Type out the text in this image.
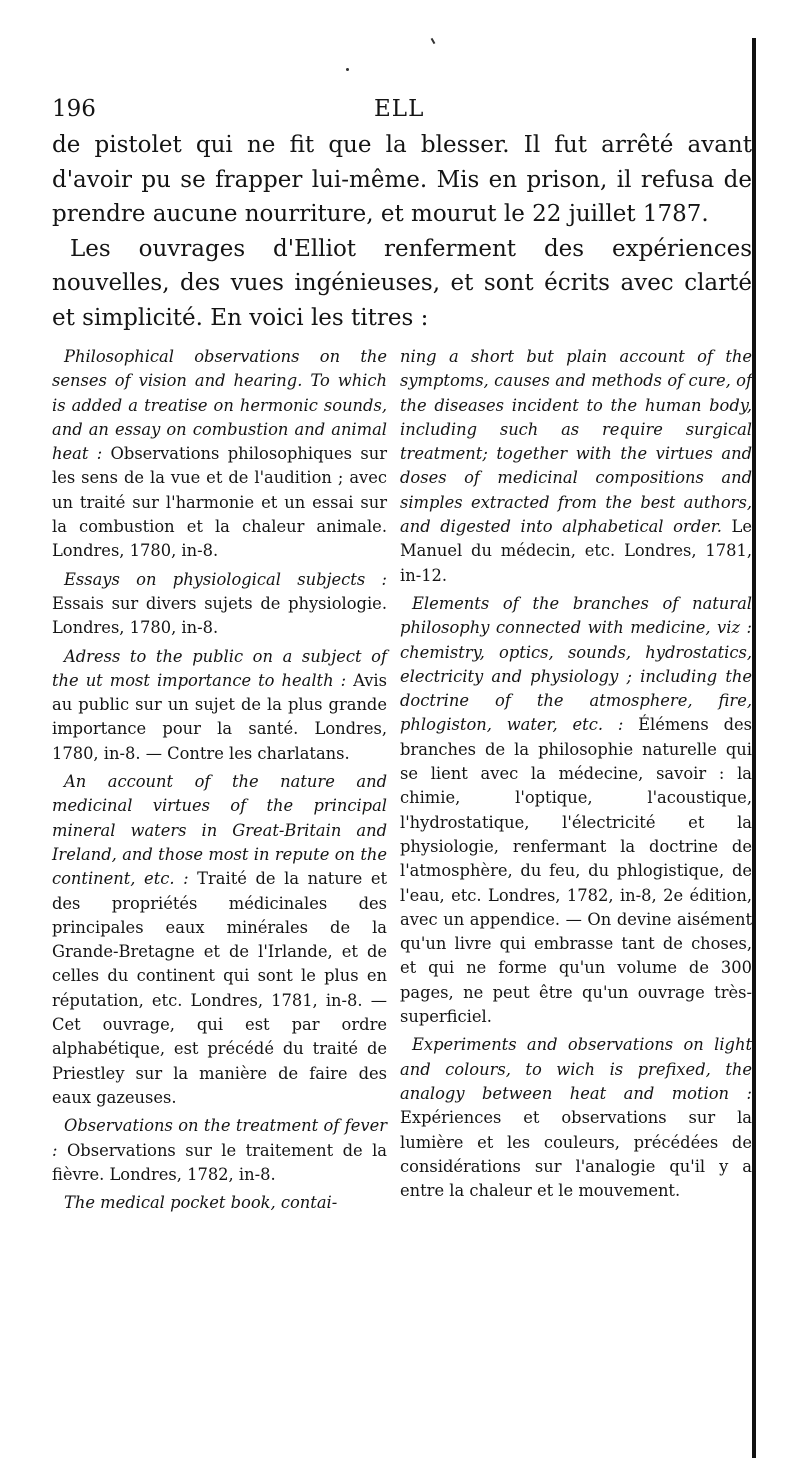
196	ELL

de pistolet qui ne fit que la blesser. Il fut arrêté avant d'avoir pu se frapper lui-même. Mis en prison, il refusa de prendre aucune nourriture, et mourut le 22 juillet 1787.

Les ouvrages d'Elliot renferment des expériences nouvelles, des vues ingénieuses, et sont écrits avec clarté et simplicité. En voici les titres :

Philosophical observations on the senses of vision and hearing. To which is added a treatise on hermonic sounds, and an essay on combustion and animal heat : Observations philosophiques sur les sens de la vue et de l'audition ; avec un traité sur l'harmonie et un essai sur la combustion et la chaleur animale. Londres, 1780, in-8.

Essays on physiological subjects : Essais sur divers sujets de physiologie. Londres, 1780, in-8.

Adress to the public on a subject of the ut most importance to health : Avis au public sur un sujet de la plus grande importance pour la santé. Londres, 1780, in-8. — Contre les charlatans.

An account of the nature and medicinal virtues of the principal mineral waters in Great-Britain and Ireland, and those most in repute on the continent, etc. : Traité de la nature et des propriétés médicinales des principales eaux minérales de la Grande-Bretagne et de l'Irlande, et de celles du continent qui sont le plus en réputation, etc. Londres, 1781, in-8. — Cet ouvrage, qui est par ordre alphabétique, est précédé du traité de Priestley sur la manière de faire des eaux gazeuses.

Observations on the treatment of fever : Observations sur le traitement de la fièvre. Londres, 1782, in-8.

The medical pocket book, contai-

ning a short but plain account of the symptoms, causes and methods of cure, of the diseases incident to the human body, including such as require surgical treatment; together with the virtues and doses of medicinal compositions and simples extracted from the best authors, and digested into alphabetical order. Le Manuel du médecin, etc. Londres, 1781, in-12.

Elements of the branches of natural philosophy connected with medicine, viz : chemistry, optics, sounds, hydrostatics, electricity and physiology ; including the doctrine of the atmosphere, fire, phlogiston, water, etc. : Élémens des branches de la philosophie naturelle qui se lient avec la médecine, savoir : la chimie, l'optique, l'acoustique, l'hydrostatique, l'électricité et la physiologie, renfermant la doctrine de l'atmosphère, du feu, du phlogistique, de l'eau, etc. Londres, 1782, in-8, 2e édition, avec un appendice. — On devine aisément qu'un livre qui embrasse tant de choses, et qui ne forme qu'un volume de 300 pages, ne peut être qu'un ouvrage très-superficiel.

Experiments and observations on light and colours, to wich is prefixed, the analogy between heat and motion : Expériences et observations sur la lumière et les couleurs, précédées de considérations sur l'analogie qu'il y a entre la chaleur et le mouvement.
